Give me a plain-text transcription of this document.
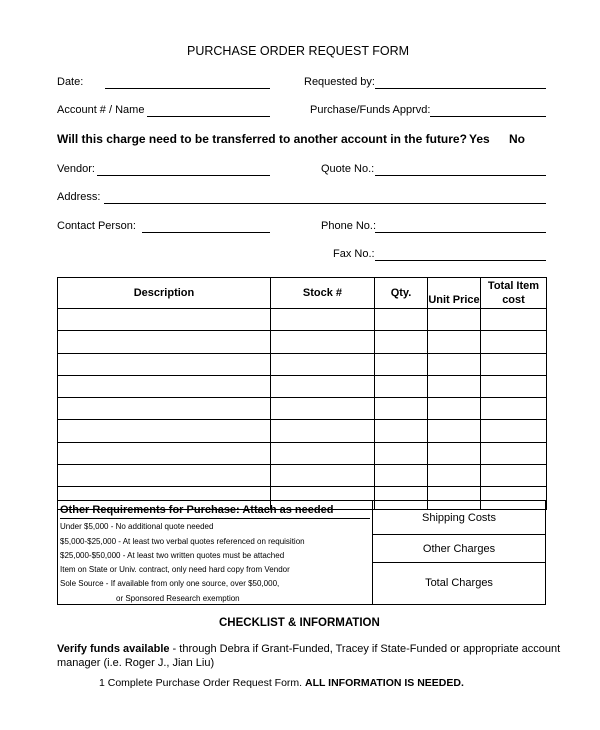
PURCHASE ORDER REQUEST FORM
Date:	Requested by:
Account # / Name	Purchase/Funds Apprvd:
Will this charge need to be transferred to another account in the future? Yes No
Vendor:	Quote No.:
Address:
Contact Person:	Phone No.:
Fax No.:
Description	Stock #	Qty.	Unit Price	Total Item cost

Other Requirements for Purchase: Attach as needed
Under $5,000 - No additional quote needed
$5,000-$25,000 - At least two verbal quotes referenced on requisition
$25,000-$50,000 - At least two written quotes must be attached
Item on State or Univ. contract, only need hard copy from Vendor
Sole Source - If available from only one source, over $50,000,
or Sponsored Research exemption
Shipping Costs
Other Charges
Total Charges
CHECKLIST & INFORMATION
Verify funds available - through Debra if Grant-Funded, Tracey if State-Funded or appropriate account
manager (i.e. Roger J., Jian Liu)
1 Complete Purchase Order Request Form. ALL INFORMATION IS NEEDED.
